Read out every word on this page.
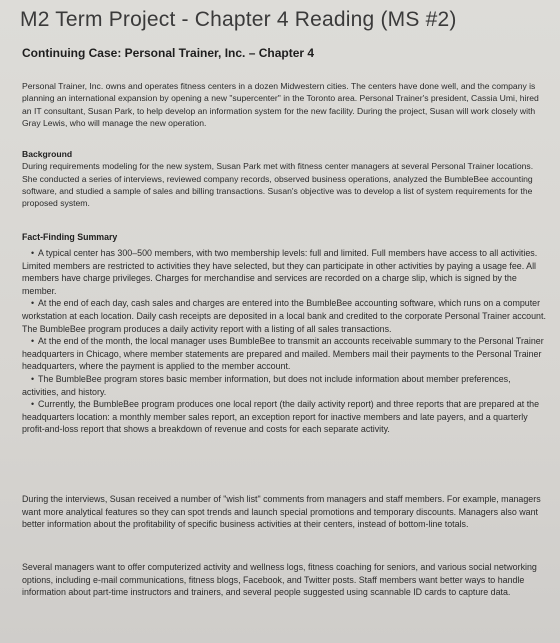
M2 Term Project - Chapter 4 Reading (MS #2)
Continuing Case: Personal Trainer, Inc. – Chapter 4

Personal Trainer, Inc. owns and operates fitness centers in a dozen Midwestern cities. The centers have done well, and the company is planning an international expansion by opening a new "supercenter" in the Toronto area. Personal Trainer's president, Cassia Umi, hired an IT consultant, Susan Park, to help develop an information system for the new facility. During the project, Susan will work closely with Gray Lewis, who will manage the new operation.

Background
During requirements modeling for the new system, Susan Park met with fitness center managers at several Personal Trainer locations. She conducted a series of interviews, reviewed company records, observed business operations, analyzed the BumbleBee accounting software, and studied a sample of sales and billing transactions. Susan's objective was to develop a list of system requirements for the proposed system.
Fact-Finding Summary
• A typical center has 300–500 members, with two membership levels: full and limited. Full members have access to all activities. Limited members are restricted to activities they have selected, but they can participate in other activities by paying a usage fee. All members have charge privileges. Charges for merchandise and services are recorded on a charge slip, which is signed by the member.
• At the end of each day, cash sales and charges are entered into the BumbleBee accounting software, which runs on a computer workstation at each location. Daily cash receipts are deposited in a local bank and credited to the corporate Personal Trainer account. The BumbleBee program produces a daily activity report with a listing of all sales transactions.
• At the end of the month, the local manager uses BumbleBee to transmit an accounts receivable summary to the Personal Trainer headquarters in Chicago, where member statements are prepared and mailed. Members mail their payments to the Personal Trainer headquarters, where the payment is applied to the member account.
• The BumbleBee program stores basic member information, but does not include information about member preferences, activities, and history.
• Currently, the BumbleBee program produces one local report (the daily activity report) and three reports that are prepared at the headquarters location: a monthly member sales report, an exception report for inactive members and late payers, and a quarterly profit-and-loss report that shows a breakdown of revenue and costs for each separate activity.

During the interviews, Susan received a number of "wish list" comments from managers and staff members. For example, managers want more analytical features so they can spot trends and launch special promotions and temporary discounts. Managers also want better information about the profitability of specific business activities at their centers, instead of bottom-line totals.

Several managers want to offer computerized activity and wellness logs, fitness coaching for seniors, and various social networking options, including e-mail communications, fitness blogs, Facebook, and Twitter posts. Staff members want better ways to handle information about part-time instructors and trainers, and several people suggested using scannable ID cards to capture data.
